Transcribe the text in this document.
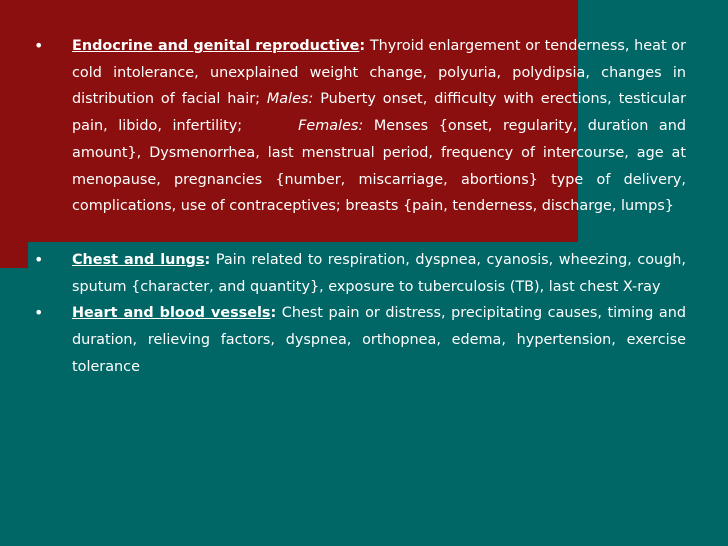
• Endocrine and genital reproductive: Thyroid enlargement or tenderness, heat or cold intolerance, unexplained weight change, polyuria, polydipsia, changes in distribution of facial hair; Males: Puberty onset, difficulty with erections, testicular pain, libido, infertility;	Females: Menses {onset, regularity, duration and amount}, Dysmenorrhea, last menstrual period, frequency of intercourse, age at menopause, pregnancies {number, miscarriage, abortions} type of delivery, complications, use of contraceptives; breasts {pain, tenderness, discharge, lumps}
• Chest and lungs: Pain related to respiration, dyspnea, cyanosis, wheezing, cough, sputum {character, and quantity}, exposure to tuberculosis (TB), last chest X-ray
• Heart and blood vessels: Chest pain or distress, precipitating causes, timing and duration, relieving factors, dyspnea, orthopnea, edema, hypertension, exercise tolerance
